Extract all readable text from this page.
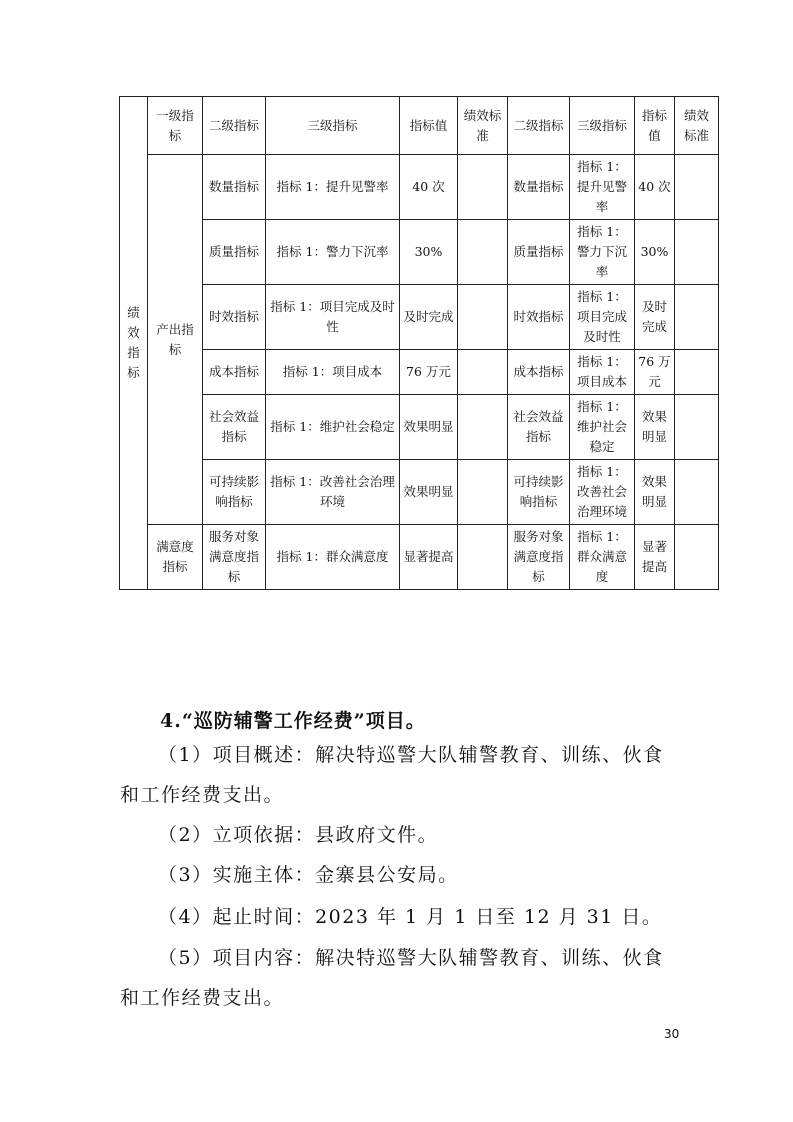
绩效指标	一级指标	二级指标	三级指标	指标值	绩效标准	二级指标	三级指标	指标值	绩效标准
	产出指标	数量指标	指标 1：提升见警率	40 次		数量指标	指标 1：提升见警率	40 次	
		质量指标	指标 1：警力下沉率	30%		质量指标	指标 1：警力下沉率	30%	
		时效指标	指标 1：项目完成及时性	及时完成		时效指标	指标 1：项目完成及时性	及时完成	
		成本指标	指标 1：项目成本	76 万元		成本指标	指标 1：项目成本	76 万元	
		社会效益指标	指标 1：维护社会稳定	效果明显		社会效益指标	指标 1：维护社会稳定	效果明显	
		可持续影响指标	指标 1：改善社会治理环境	效果明显		可持续影响指标	指标 1：改善社会治理环境	效果明显	
	满意度指标	服务对象满意度指标	指标 1：群众满意度	显著提高		服务对象满意度指标	指标 1：群众满意度	显著提高	

4.“巡防辅警工作经费”项目。

（1）项目概述：解决特巡警大队辅警教育、训练、伙食和工作经费支出。

（2）立项依据：县政府文件。

（3）实施主体：金寨县公安局。

（4）起止时间：2023 年 1 月 1 日至 12 月 31 日。

（5）项目内容：解决特巡警大队辅警教育、训练、伙食和工作经费支出。

30
